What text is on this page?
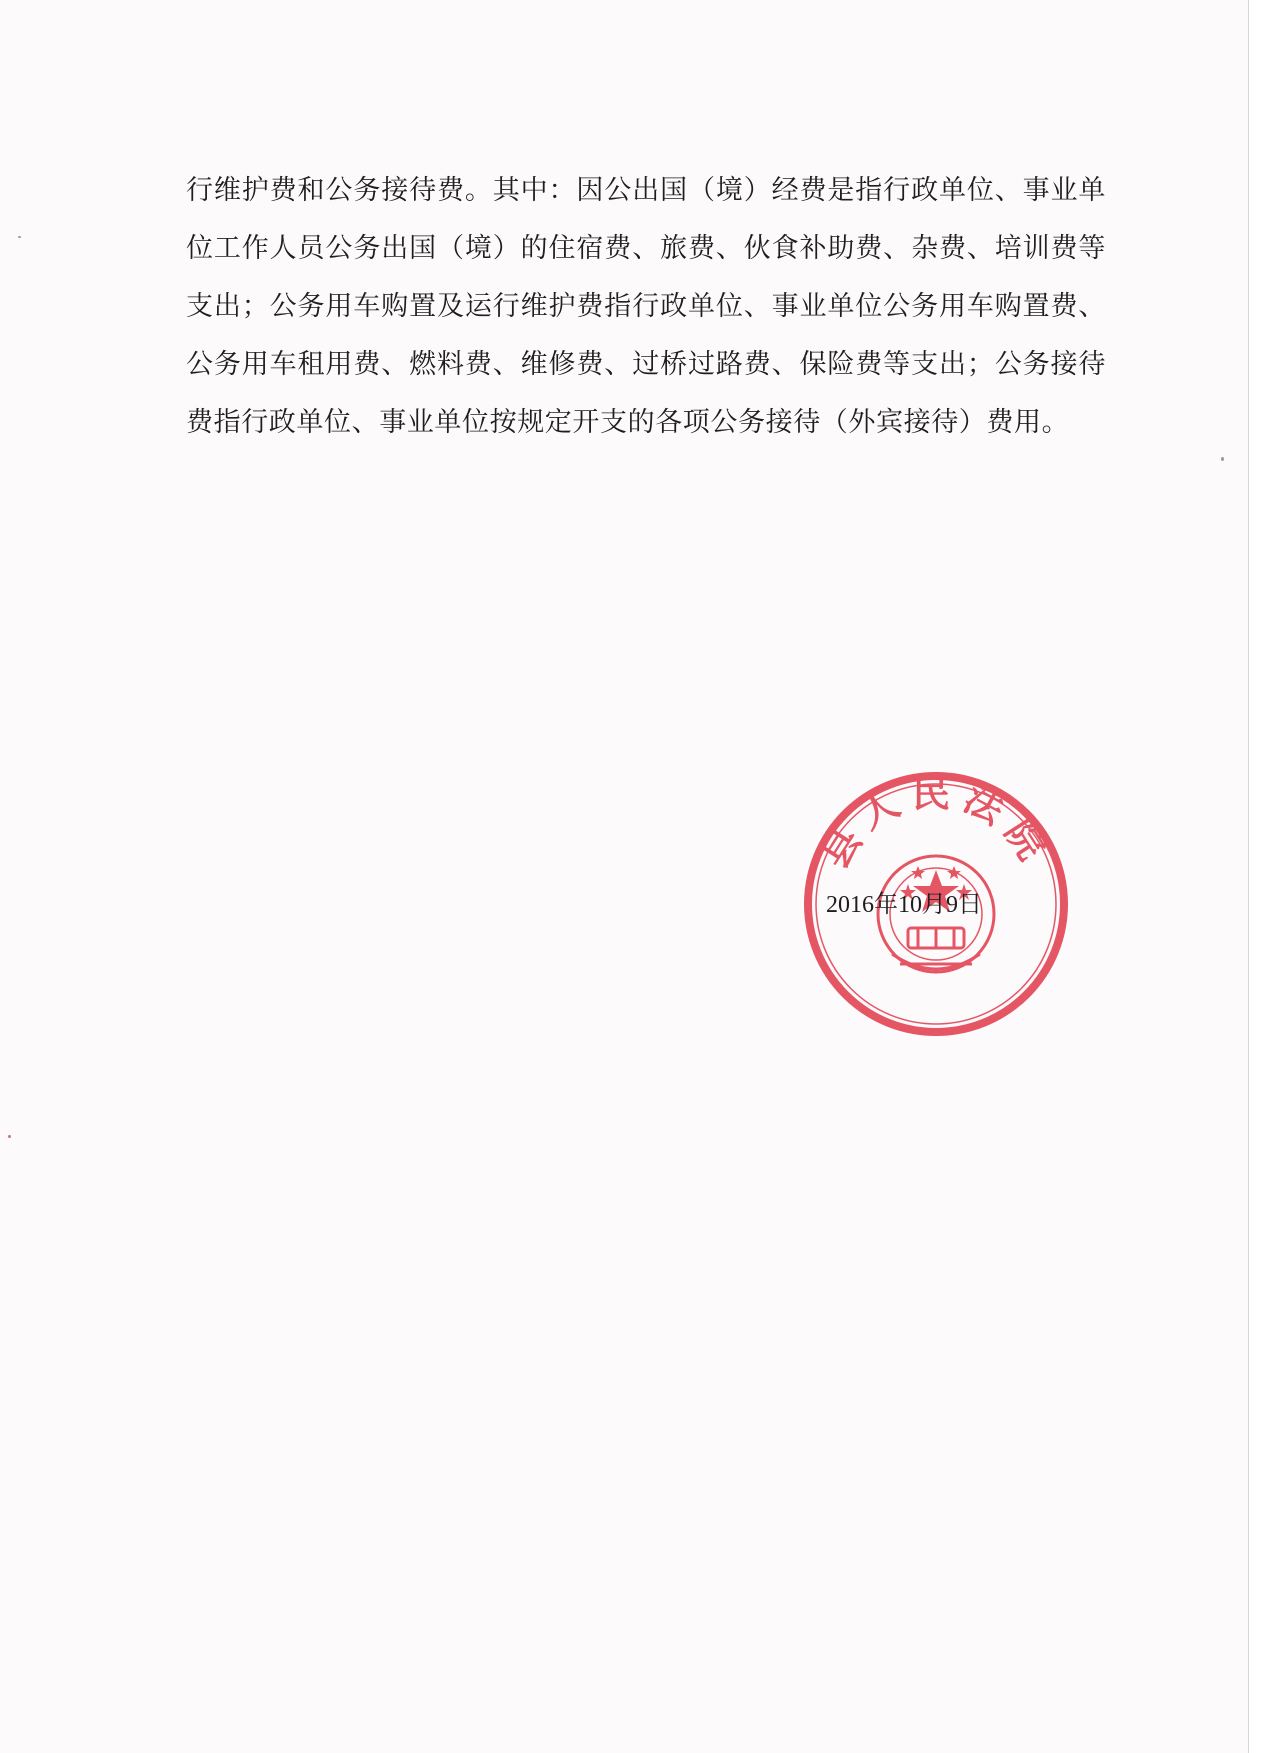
行维护费和公务接待费。其中：因公出国（境）经费是指行政单位、事业单位工作人员公务出国（境）的住宿费、旅费、伙食补助费、杂费、培训费等支出；公务用车购置及运行维护费指行政单位、事业单位公务用车购置费、公务用车租用费、燃料费、维修费、过桥过路费、保险费等支出；公务接待费指行政单位、事业单位按规定开支的各项公务接待（外宾接待）费用。

县人民法院
2016年10月9日
